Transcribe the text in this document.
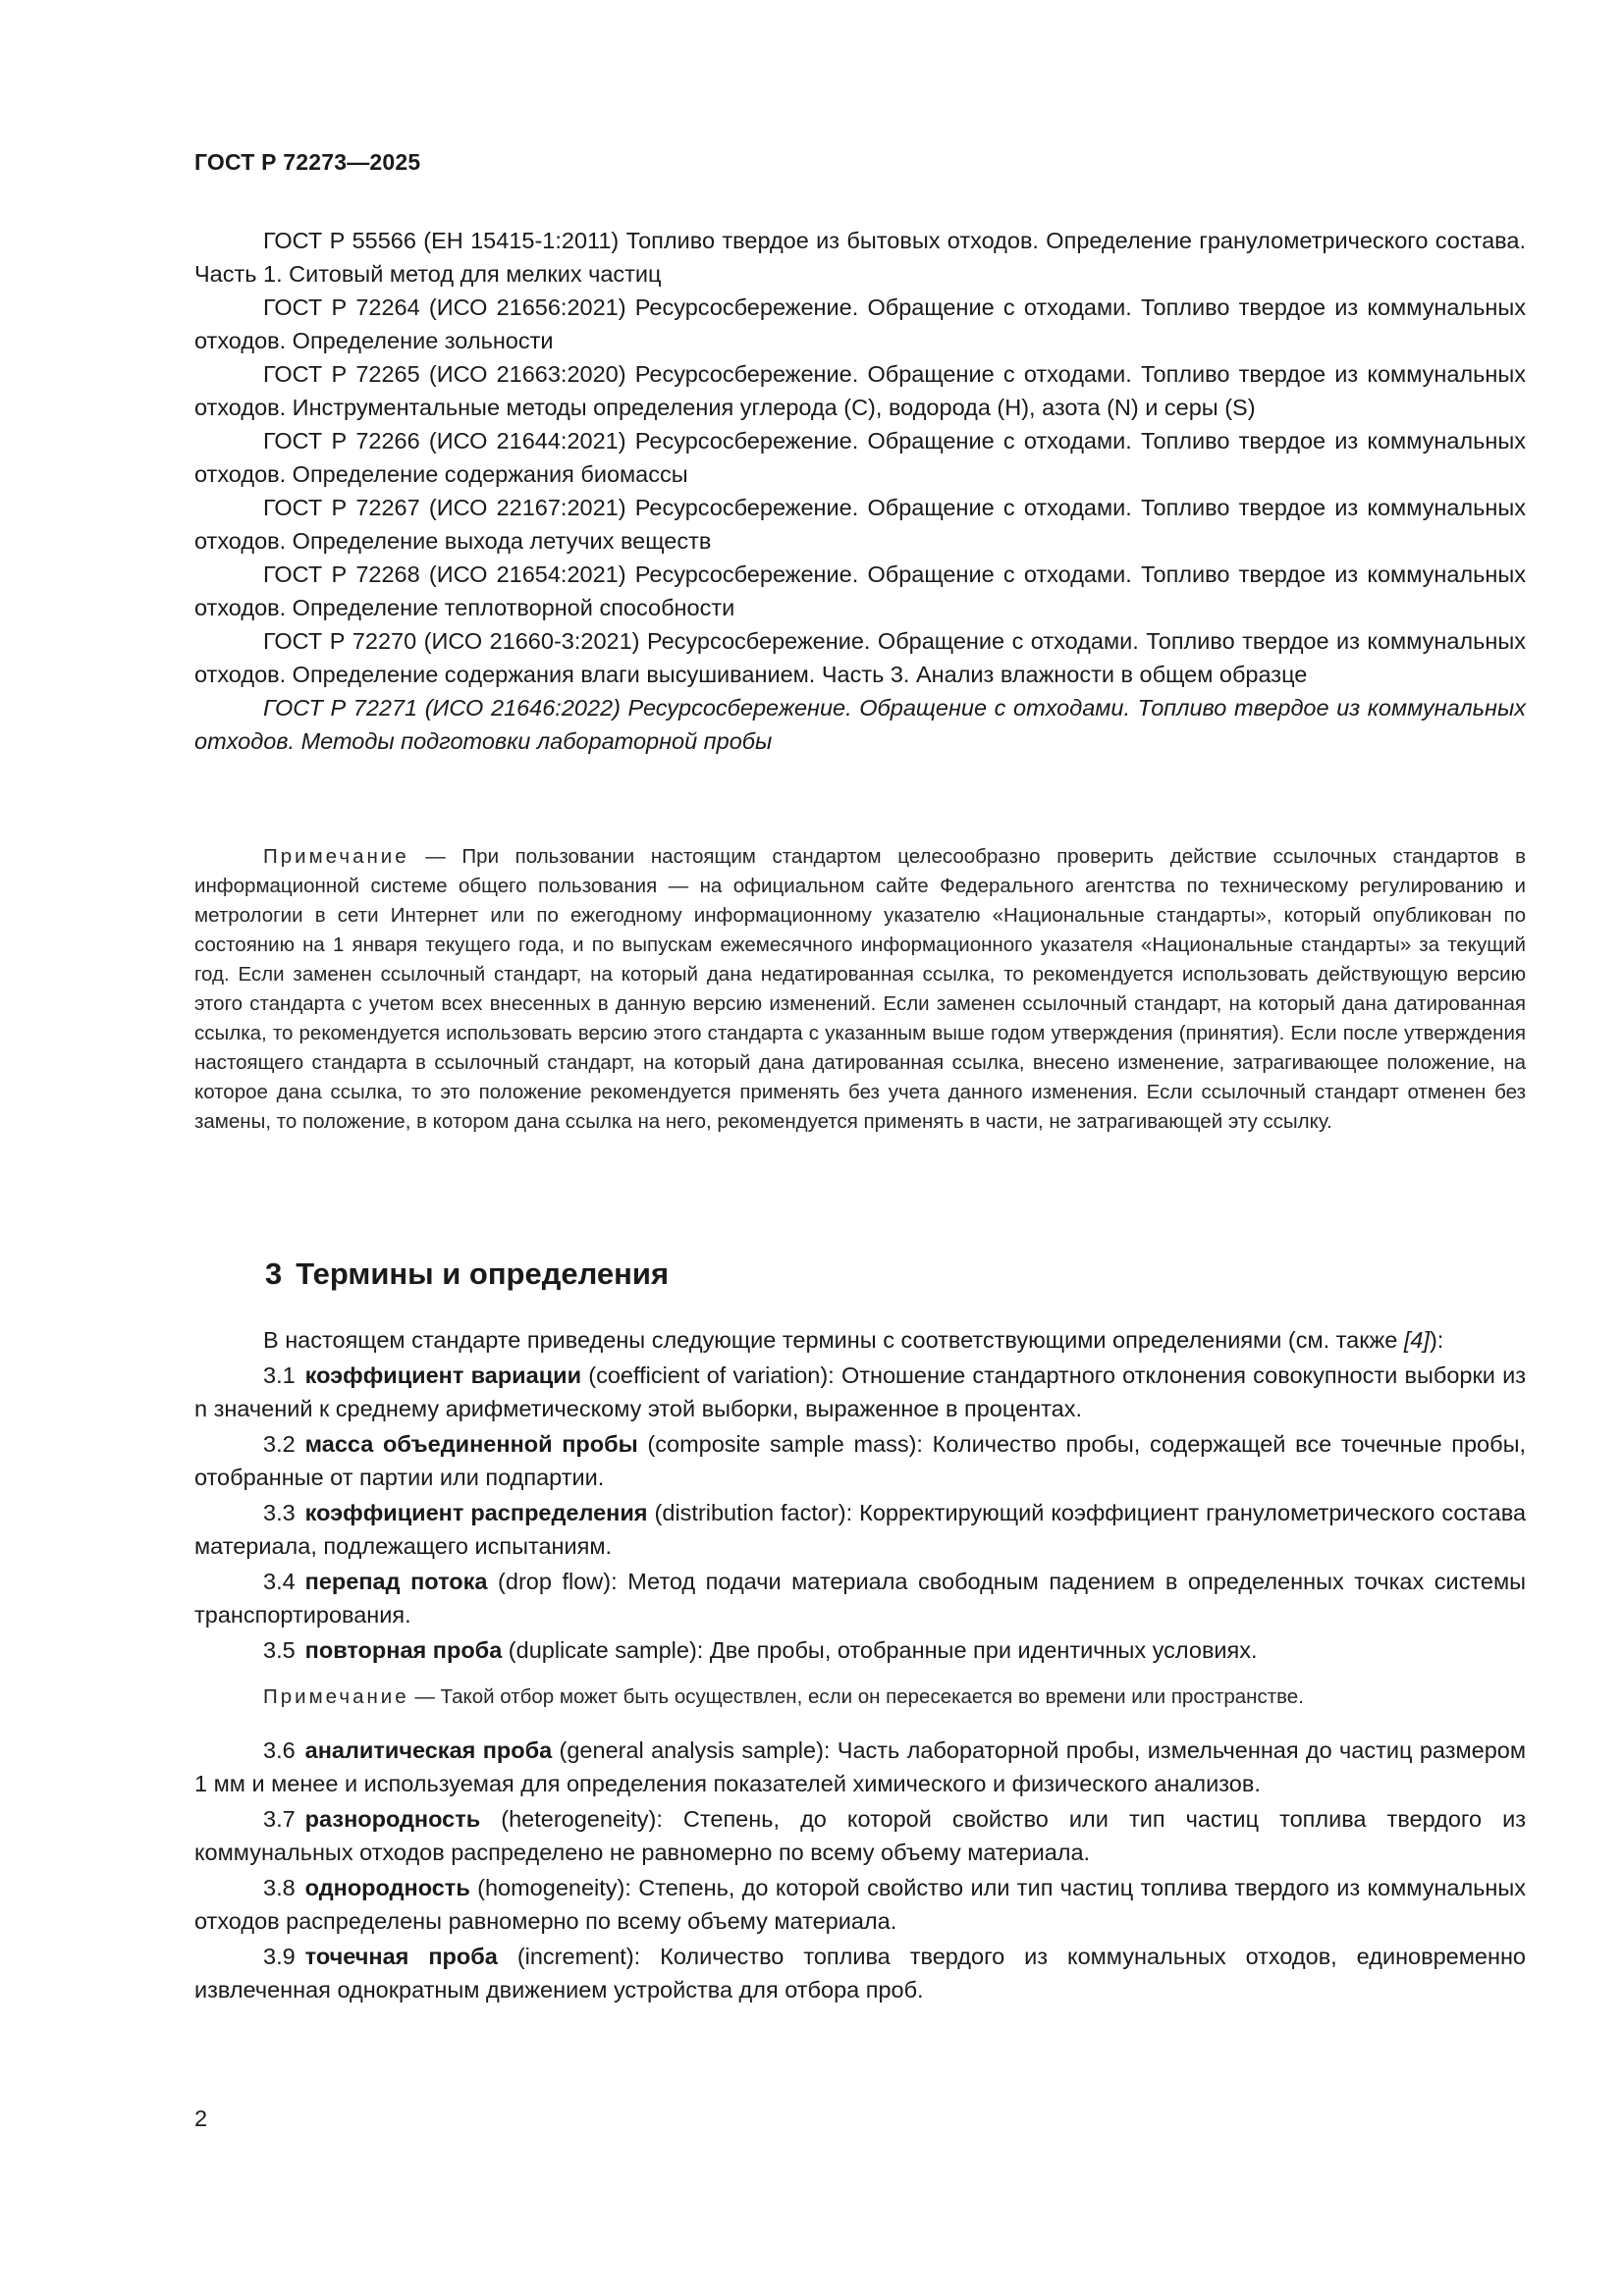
ГОСТ Р 72273—2025

ГОСТ Р 55566 (ЕН 15415-1:2011) Топливо твердое из бытовых отходов. Определение гранулометрического состава. Часть 1. Ситовый метод для мелких частиц

ГОСТ Р 72264 (ИСО 21656:2021) Ресурсосбережение. Обращение с отходами. Топливо твердое из коммунальных отходов. Определение зольности

ГОСТ Р 72265 (ИСО 21663:2020) Ресурсосбережение. Обращение с отходами. Топливо твердое из коммунальных отходов. Инструментальные методы определения углерода (С), водорода (Н), азота (N) и серы (S)

ГОСТ Р 72266 (ИСО 21644:2021) Ресурсосбережение. Обращение с отходами. Топливо твердое из коммунальных отходов. Определение содержания биомассы

ГОСТ Р 72267 (ИСО 22167:2021) Ресурсосбережение. Обращение с отходами. Топливо твердое из коммунальных отходов. Определение выхода летучих веществ

ГОСТ Р 72268 (ИСО 21654:2021) Ресурсосбережение. Обращение с отходами. Топливо твердое из коммунальных отходов. Определение теплотворной способности

ГОСТ Р 72270 (ИСО 21660-3:2021) Ресурсосбережение. Обращение с отходами. Топливо твердое из коммунальных отходов. Определение содержания влаги высушиванием. Часть 3. Анализ влажности в общем образце

ГОСТ Р 72271 (ИСО 21646:2022) Ресурсосбережение. Обращение с отходами. Топливо твердое из коммунальных отходов. Методы подготовки лабораторной пробы

Примечание — При пользовании настоящим стандартом целесообразно проверить действие ссылочных стандартов в информационной системе общего пользования — на официальном сайте Федерального агентства по техническому регулированию и метрологии в сети Интернет или по ежегодному информационному указателю «Национальные стандарты», который опубликован по состоянию на 1 января текущего года, и по выпускам ежемесячного информационного указателя «Национальные стандарты» за текущий год. Если заменен ссылочный стандарт, на который дана недатированная ссылка, то рекомендуется использовать действующую версию этого стандарта с учетом всех внесенных в данную версию изменений. Если заменен ссылочный стандарт, на который дана датированная ссылка, то рекомендуется использовать версию этого стандарта с указанным выше годом утверждения (принятия). Если после утверждения настоящего стандарта в ссылочный стандарт, на который дана датированная ссылка, внесено изменение, затрагивающее положение, на которое дана ссылка, то это положение рекомендуется применять без учета данного изменения. Если ссылочный стандарт отменен без замены, то положение, в котором дана ссылка на него, рекомендуется применять в части, не затрагивающей эту ссылку.

3 Термины и определения

В настоящем стандарте приведены следующие термины с соответствующими определениями (см. также [4]):

3.1 коэффициент вариации (coefficient of variation): Отношение стандартного отклонения совокупности выборки из n значений к среднему арифметическому этой выборки, выраженное в процентах.

3.2 масса объединенной пробы (composite sample mass): Количество пробы, содержащей все точечные пробы, отобранные от партии или подпартии.

3.3 коэффициент распределения (distribution factor): Корректирующий коэффициент гранулометрического состава материала, подлежащего испытаниям.

3.4 перепад потока (drop flow): Метод подачи материала свободным падением в определенных точках системы транспортирования.

3.5 повторная проба (duplicate sample): Две пробы, отобранные при идентичных условиях.

Примечание — Такой отбор может быть осуществлен, если он пересекается во времени или пространстве.

3.6 аналитическая проба (general analysis sample): Часть лабораторной пробы, измельченная до частиц размером 1 мм и менее и используемая для определения показателей химического и физического анализов.

3.7 разнородность (heterogeneity): Степень, до которой свойство или тип частиц топлива твердого из коммунальных отходов распределено не равномерно по всему объему материала.

3.8 однородность (homogeneity): Степень, до которой свойство или тип частиц топлива твердого из коммунальных отходов распределены равномерно по всему объему материала.

3.9 точечная проба (increment): Количество топлива твердого из коммунальных отходов, единовременно извлеченная однократным движением устройства для отбора проб.

2
